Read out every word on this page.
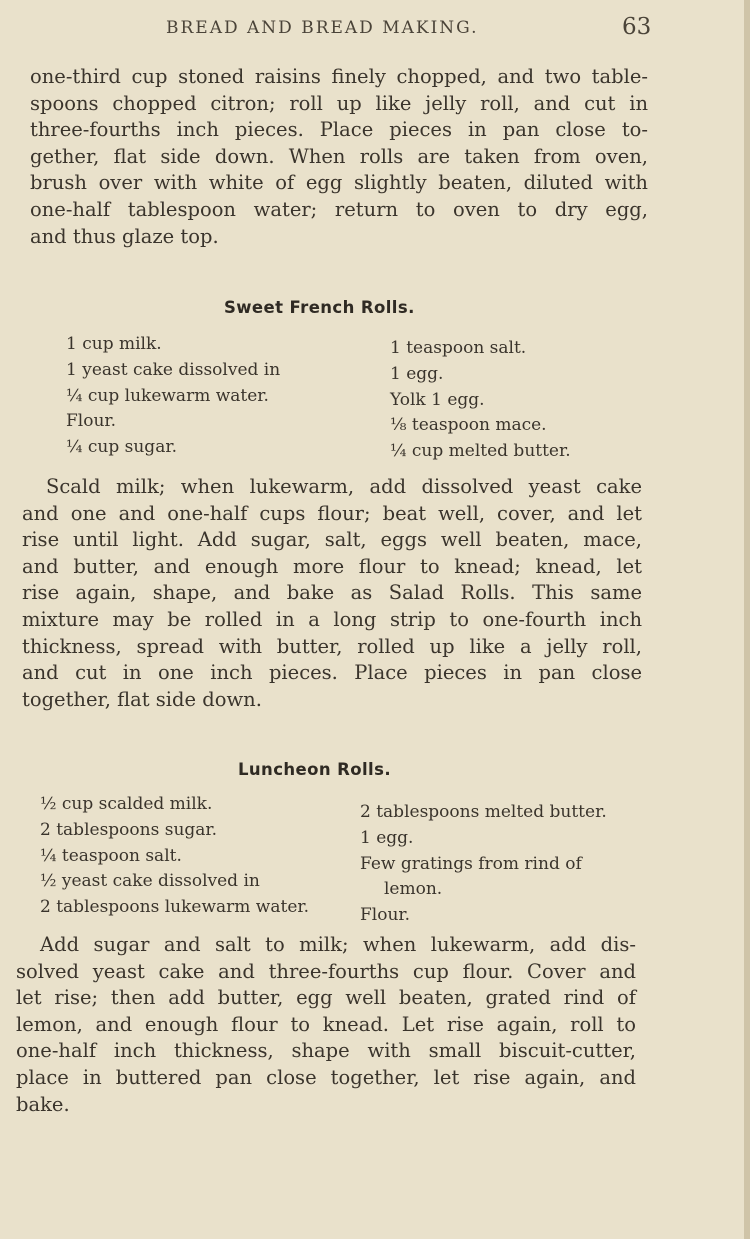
BREAD AND BREAD MAKING.	63

one-third cup stoned raisins finely chopped, and two table-
spoons chopped citron; roll up like jelly roll, and cut in
three-fourths inch pieces. Place pieces in pan close to-
gether, flat side down. When rolls are taken from oven,
brush over with white of egg slightly beaten, diluted with
one-half tablespoon water; return to oven to dry egg,
and thus glaze top.

Sweet French Rolls.
1 cup milk.
1 yeast cake dissolved in
¼ cup lukewarm water.
Flour.
¼ cup sugar.
1 teaspoon salt.
1 egg.
Yolk 1 egg.
⅛ teaspoon mace.
¼ cup melted butter.

Scald milk; when lukewarm, add dissolved yeast cake
and one and one-half cups flour; beat well, cover, and let
rise until light. Add sugar, salt, eggs well beaten, mace,
and butter, and enough more flour to knead; knead, let
rise again, shape, and bake as Salad Rolls. This same
mixture may be rolled in a long strip to one-fourth inch
thickness, spread with butter, rolled up like a jelly roll,
and cut in one inch pieces. Place pieces in pan close
together, flat side down.

Luncheon Rolls.
½ cup scalded milk.
2 tablespoons sugar.
¼ teaspoon salt.
½ yeast cake dissolved in
2 tablespoons lukewarm water.
2 tablespoons melted butter.
1 egg.
Few gratings from rind of
lemon.
Flour.

Add sugar and salt to milk; when lukewarm, add dis-
solved yeast cake and three-fourths cup flour. Cover and
let rise; then add butter, egg well beaten, grated rind of
lemon, and enough flour to knead. Let rise again, roll to
one-half inch thickness, shape with small biscuit-cutter,
place in buttered pan close together, let rise again, and
bake.
